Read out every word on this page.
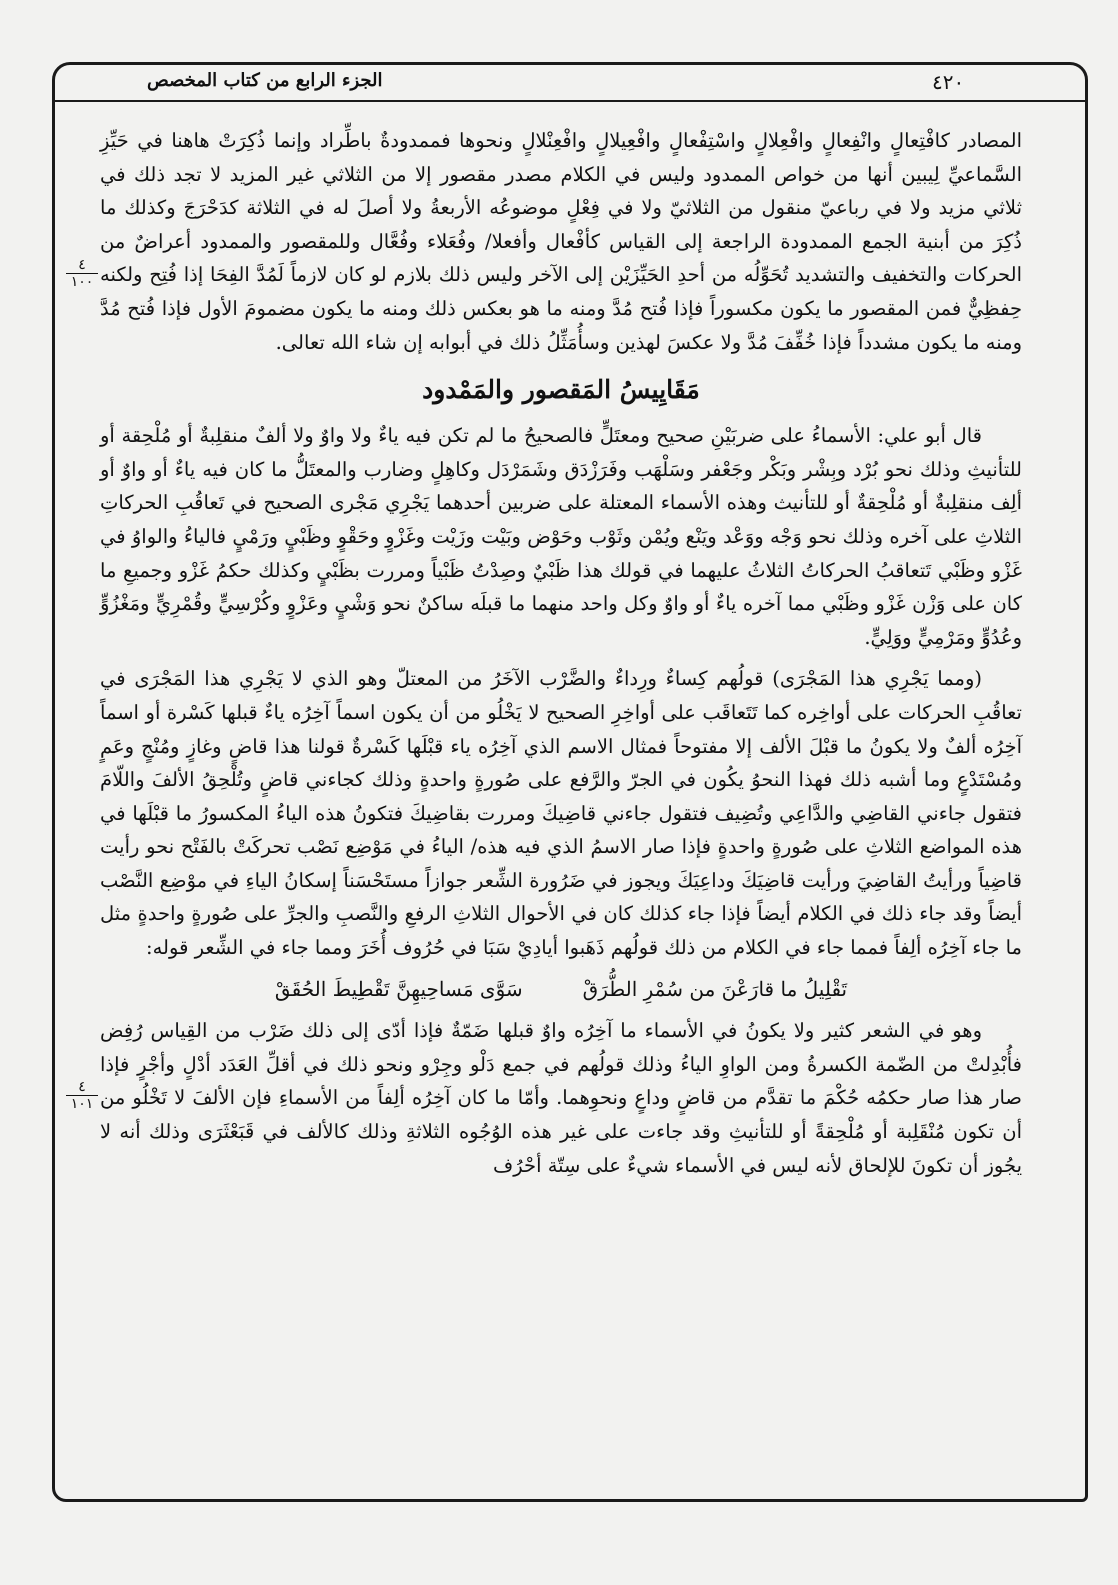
٤٢٠
الجزء الرابع من كتاب المخصص
٤
١٠٠
٤
١٠١

المصادر كافْتِعالٍ وانْفِعالٍ وافْعِلالٍ واسْتِفْعالٍ وافْعِيلالٍ وافْعِنْلالٍ ونحوها فممدودةٌ باطِّراد وإنما ذُكِرَتْ هاهنا في حَيِّزِ السَّماعيِّ لِيبين أنها من خواص الممدود وليس في الكلام مصدر مقصور إلا من الثلاثي غير المزيد لا تجد ذلك في ثلاثي مزيد ولا في رباعيّ منقول من الثلاثيّ ولا في فِعْلٍ موضوعُه الأربعةُ ولا أصلَ له في الثلاثة كدَحْرَجَ وكذلك ما ذُكِرَ من أبنية الجمع الممدودة الراجعة إلى القياس كأفْعال وأفعلا/ وفُعَلاء وفُعَّال وللمقصور والممدود أعراضٌ من الحركات والتخفيف والتشديد تُحَوِّلُه من أحدِ الحَيِّزَيْن إلى الآخر وليس ذلك بلازم لو كان لازماً لَمُدَّ الفِحَا إذا فُتِح ولكنه حِفظِيٌّ فمن المقصور ما يكون مكسوراً فإذا فُتح مُدَّ ومنه ما هو بعكس ذلك ومنه ما يكون مضمومَ الأول فإذا فُتح مُدَّ ومنه ما يكون مشدداً فإذا خُفِّفَ مُدَّ ولا عكسَ لهذين وسأُمَثِّلُ ذلك في أبوابه إن شاء الله تعالى.

مَقَايِيسُ المَقصور والمَمْدود

قال أبو علي: الأسماءُ على ضربَيْنِ صحيح ومعتَلٍّ فالصحيحُ ما لم تكن فيه ياءٌ ولا واوٌ ولا ألفٌ منقلِبةٌ أو مُلْحِقة أو للتأنيثِ وذلك نحو بُرْد وبِشْر وبَكْر وجَعْفر وسَلْهَب وفَرَزْدَق وشَمَرْدَل وكاهِلٍ وضارب والمعتَلُّ ما كان فيه ياءٌ أو واوٌ أو ألِف منقلِبةٌ أو مُلْحِقةٌ أو للتأنيث وهذه الأسماء المعتلة على ضربين أحدهما يَجْرِي مَجْرى الصحيح في تَعاقُبِ الحركاتِ الثلاثِ على آخره وذلك نحو وَجْه ووَعْد ويَنْع ويُمْن وثَوْب وحَوْض وبَيْت وزَيْت وغَزْوٍ وحَقْوٍ وظَبْيٍ ورَمْيٍ فالياءُ والواوُ في غَزْو وظَبْي تَتعاقبُ الحركاتُ الثلاثُ عليهما في قولك هذا ظَبْيٌ وصِدْتُ ظَبْياً ومررت بظَبْيٍ وكذلك حكمُ غَزْو وجميعِ ما كان على وَزْن غَزْو وظَبْي مما آخره ياءٌ أو واوٌ وكل واحد منهما ما قبلَه ساكنٌ نحو وَشْيٍ وعَزْوٍ وكُرْسِيٍّ وقُمْرِيٍّ ومَغْزُوٍّ وعُدُوٍّ ومَرْمِيٍّ ووَلِيٍّ.

(ومما يَجْرِي هذا المَجْرَى) قولُهم كِساءٌ ورِداءٌ والضَّرْب الآخَرُ من المعتلّ وهو الذي لا يَجْرِي هذا المَجْرَى في تعاقُبِ الحركات على أواخِره كما تَتَعاقَب على أواخِرِ الصحيح لا يَخْلُو من أن يكون اسماً آخِرُه ياءٌ قبلها كَسْرة أو اسماً آخِرُه ألفٌ ولا يكونُ ما قبْلَ الألف إلا مفتوحاً فمثال الاسم الذي آخِرُه ياء قبْلَها كَسْرةٌ قولنا هذا قاضٍ وغازٍ ومُنْجٍ وعَمٍ ومُسْتَدْعٍ وما أشبه ذلك فهذا النحوُ يكُون في الجرّ والرَّفع على صُورةٍ واحدةٍ وذلك كجاءني قاضٍ وتُلْحِقُ الألفَ واللّامَ فتقول جاءني القاضِي والدَّاعِي وتُضِيف فتقول جاءني قاضِيكَ ومررت بقاضِيكَ فتكونُ هذه الياءُ المكسورُ ما قبْلَها في هذه المواضع الثلاثِ على صُورةٍ واحدةٍ فإذا صار الاسمُ الذي فيه هذه/ الياءُ في مَوْضِع نَصْب تحركَتْ بالفَتْح نحو رأيت قاضِياً ورأيتُ القاضِيَ ورأيت قاضِيَكَ وداعِيَكَ ويجوز في ضَرُورة الشِّعر جوازاً مستَحْسَناً إسكانُ الياءِ في موْضِع النَّصْب أيضاً وقد جاء ذلك في الكلام أيضاً فإذا جاء كذلك كان في الأحوال الثلاثِ الرفعِ والنَّصبِ والجرِّ على صُورةٍ واحدةٍ مثل ما جاء آخِرُه ألِفاً فمما جاء في الكلام من ذلك قولُهم ذَهَبوا أيادِيْ سَبَا في حُرُوف أُخَرَ ومما جاء في الشِّعر قوله:

سَوَّى مَساحِيهِنَّ تَقْطِيطَ الحُقَقْ	تَقْلِيلُ ما قارَعْنَ من سُمْرِ الطُّرَقْ

وهو في الشعر كثير ولا يكونُ في الأسماء ما آخِرُه واوٌ قبلها ضَمّةٌ فإذا أدّى إلى ذلك ضَرْب من القِياس رُفِض فأُبْدِلتْ من الضّمة الكسرةُ ومن الواوِ الياءُ وذلك قولُهم في جمع دَلْو وجِرْو ونحو ذلك في أقلِّ العَدَد أدْلٍ وأجْرٍ فإذا صار هذا صار حكمُه حُكْمَ ما تقدَّم من قاضٍ وداعٍ ونحوِهما. وأمّا ما كان آخِرُه ألِفاً من الأسماءِ فإن الألفَ لا تَخْلُو من أن تكون مُنْقَلِبة أو مُلْحِقةً أو للتأنيثِ وقد جاءت على غير هذه الوُجُوه الثلاثةِ وذلك كالألف في قَبَعْثَرَى وذلك أنه لا يجُوز أن تكونَ للإلحاق لأنه ليس في الأسماء شيءٌ على سِتّة أحْرُف
